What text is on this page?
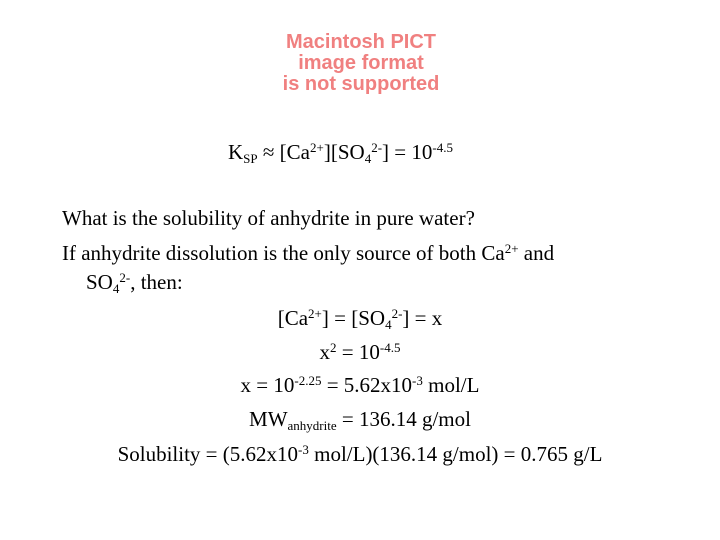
Macintosh PICT
image format
is not supported
$K_{SP} \approx [Ca^{2+}][SO_4^{2-}] = 10^{-4.5}$
What is the solubility of anhydrite in pure water?
If anhydrite dissolution is the only source of both $Ca^{2+}$ and
$SO_4^{2-}$, then:
$[Ca^{2+}] = [SO_4^{2-}] = x$
$x^2 = 10^{-4.5}$
$x = 10^{-2.25} = 5.62x10^{-3}$ mol/L
$MW_{anhydrite} = 136.14$ g/mol
Solubility = ($5.62x10^{-3}$ mol/L)(136.14 g/mol) = 0.765 g/L
